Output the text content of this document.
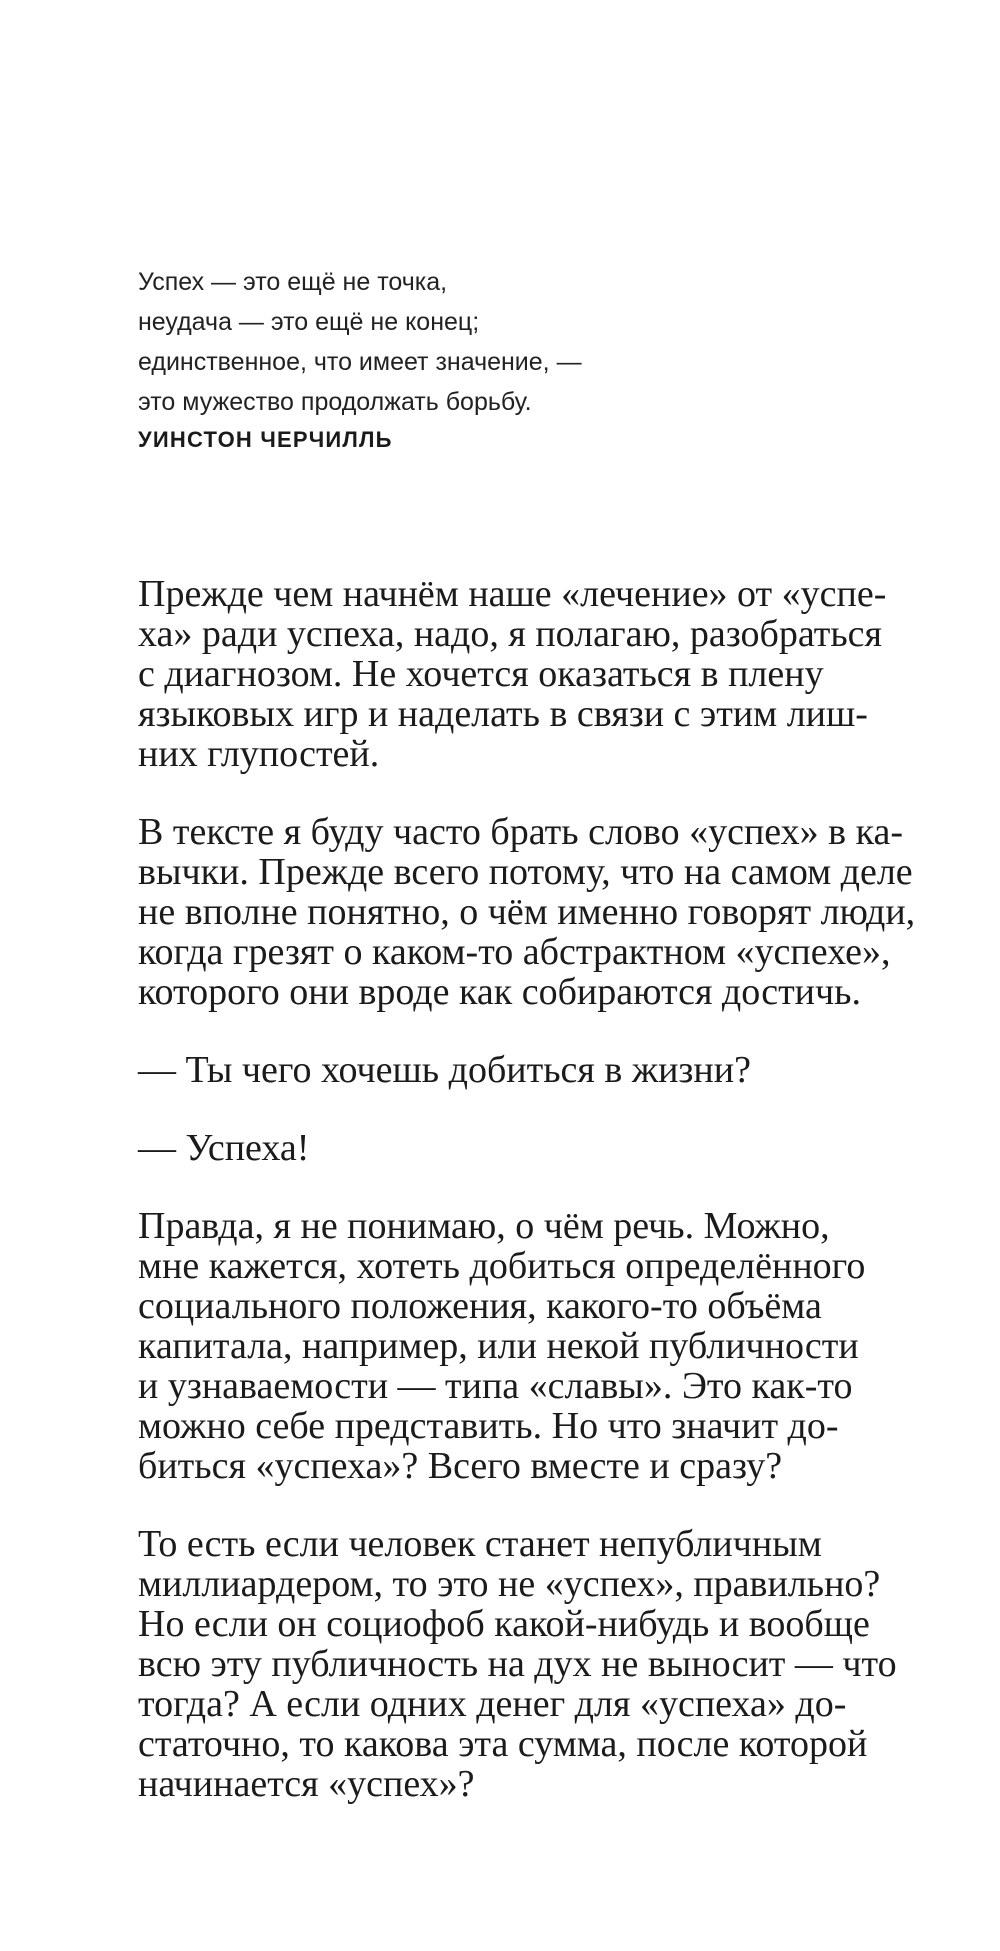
Успех — это ещё не точка,
неудача — это ещё не конец;
единственное, что имеет значение, —
это мужество продолжать борьбу.
УИНСТОН ЧЕРЧИЛЛЬ
Прежде чем начнём наше «лечение» от «успе-
ха» ради успеха, надо, я полагаю, разобраться
с диагнозом. Не хочется оказаться в плену
языковых игр и наделать в связи с этим лиш-
них глупостей.
В тексте я буду часто брать слово «успех» в ка-
вычки. Прежде всего потому, что на самом деле
не вполне понятно, о чём именно говорят люди,
когда грезят о каком-то абстрактном «успехе»,
которого они вроде как собираются достичь.
— Ты чего хочешь добиться в жизни?
— Успеха!
Правда, я не понимаю, о чём речь. Можно,
мне кажется, хотеть добиться определённого
социального положения, какого-то объёма
капитала, например, или некой публичности
и узнаваемости — типа «славы». Это как-то
можно себе представить. Но что значит до-
биться «успеха»? Всего вместе и сразу?
То есть если человек станет непубличным
миллиардером, то это не «успех», правильно?
Но если он социофоб какой-нибудь и вообще
всю эту публичность на дух не выносит — что
тогда? А если одних денег для «успеха» до-
статочно, то какова эта сумма, после которой
начинается «успех»?
